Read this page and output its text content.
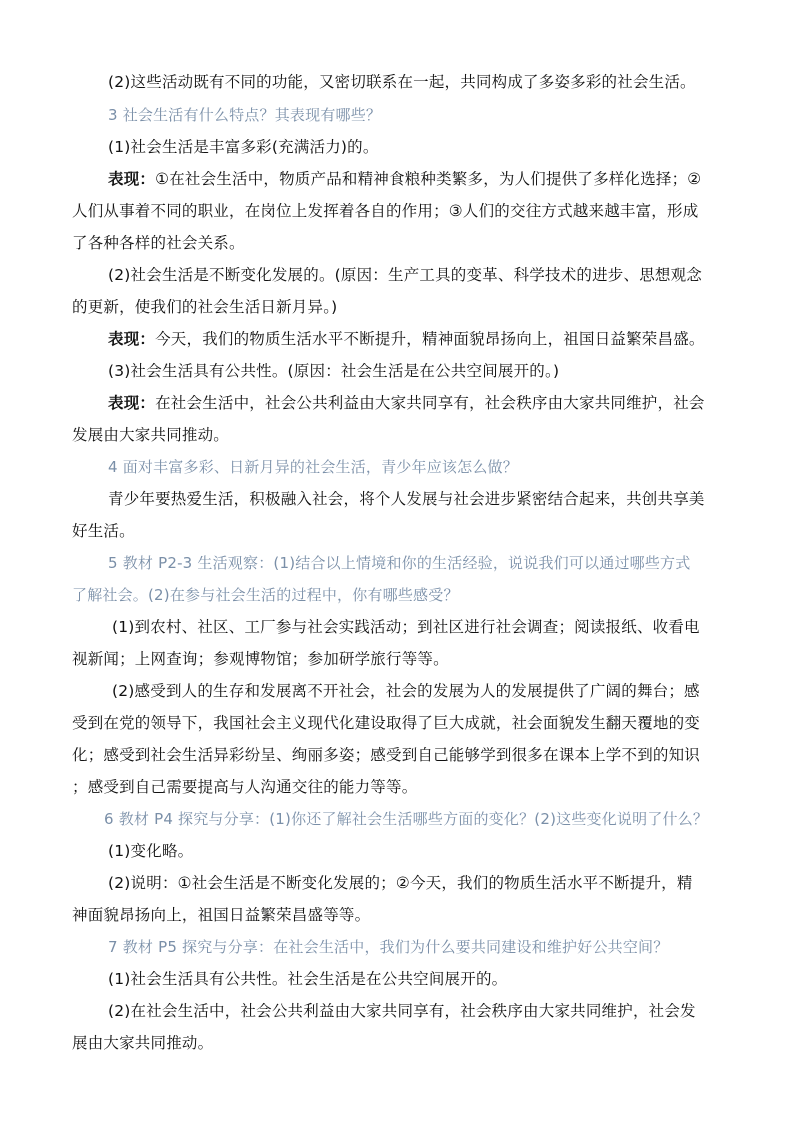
(2)这些活动既有不同的功能，又密切联系在一起，共同构成了多姿多彩的社会生活。
3 社会生活有什么特点？其表现有哪些？
(1)社会生活是丰富多彩(充满活力)的。
表现：①在社会生活中，物质产品和精神食粮种类繁多，为人们提供了多样化选择；②
人们从事着不同的职业，在岗位上发挥着各自的作用；③人们的交往方式越来越丰富，形成
了各种各样的社会关系。
(2)社会生活是不断变化发展的。(原因：生产工具的变革、科学技术的进步、思想观念
的更新，使我们的社会生活日新月异。)
表现：今天，我们的物质生活水平不断提升，精神面貌昂扬向上，祖国日益繁荣昌盛。
(3)社会生活具有公共性。(原因：社会生活是在公共空间展开的。)
表现：在社会生活中，社会公共利益由大家共同享有，社会秩序由大家共同维护，社会
发展由大家共同推动。
4 面对丰富多彩、日新月异的社会生活，青少年应该怎么做？
青少年要热爱生活，积极融入社会，将个人发展与社会进步紧密结合起来，共创共享美
好生活。
5 教材 P2-3 生活观察：(1)结合以上情境和你的生活经验，说说我们可以通过哪些方式
了解社会。(2)在参与社会生活的过程中，你有哪些感受？
(1)到农村、社区、工厂参与社会实践活动；到社区进行社会调查；阅读报纸、收看电
视新闻；上网查询；参观博物馆；参加研学旅行等等。
(2)感受到人的生存和发展离不开社会，社会的发展为人的发展提供了广阔的舞台；感
受到在党的领导下，我国社会主义现代化建设取得了巨大成就，社会面貌发生翻天覆地的变
化；感受到社会生活异彩纷呈、绚丽多姿；感受到自己能够学到很多在课本上学不到的知识
；感受到自己需要提高与人沟通交往的能力等等。
6 教材 P4 探究与分享：(1)你还了解社会生活哪些方面的变化？(2)这些变化说明了什么？
(1)变化略。
(2)说明：①社会生活是不断变化发展的；②今天，我们的物质生活水平不断提升，精
神面貌昂扬向上，祖国日益繁荣昌盛等等。
7 教材 P5 探究与分享：在社会生活中，我们为什么要共同建设和维护好公共空间？
(1)社会生活具有公共性。社会生活是在公共空间展开的。
(2)在社会生活中，社会公共利益由大家共同享有，社会秩序由大家共同维护，社会发
展由大家共同推动。
